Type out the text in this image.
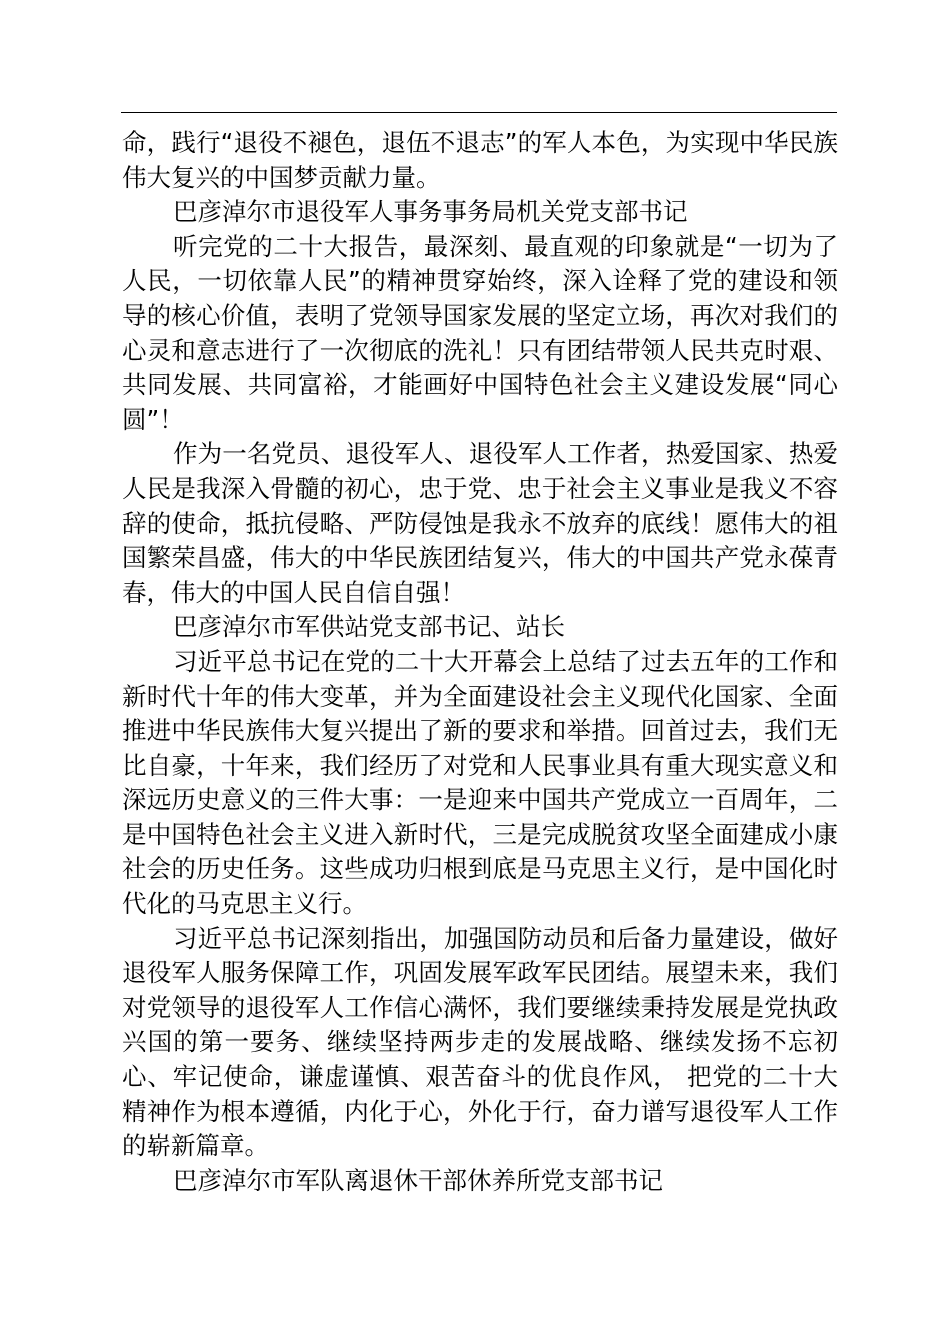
命，践行“退役不褪色，退伍不退志”的军人本色，为实现中华民族伟大复兴的中国梦贡献力量。

巴彦淖尔市退役军人事务事务局机关党支部书记

听完党的二十大报告，最深刻、最直观的印象就是“一切为了人民，一切依靠人民”的精神贯穿始终，深入诠释了党的建设和领导的核心价值，表明了党领导国家发展的坚定立场，再次对我们的心灵和意志进行了一次彻底的洗礼！只有团结带领人民共克时艰、共同发展、共同富裕，才能画好中国特色社会主义建设发展“同心圆”！

作为一名党员、退役军人、退役军人工作者，热爱国家、热爱人民是我深入骨髓的初心，忠于党、忠于社会主义事业是我义不容辞的使命，抵抗侵略、严防侵蚀是我永不放弃的底线！愿伟大的祖国繁荣昌盛，伟大的中华民族团结复兴，伟大的中国共产党永葆青春，伟大的中国人民自信自强！

巴彦淖尔市军供站党支部书记、站长

习近平总书记在党的二十大开幕会上总结了过去五年的工作和新时代十年的伟大变革，并为全面建设社会主义现代化国家、全面推进中华民族伟大复兴提出了新的要求和举措。回首过去，我们无比自豪，十年来，我们经历了对党和人民事业具有重大现实意义和深远历史意义的三件大事：一是迎来中国共产党成立一百周年，二是中国特色社会主义进入新时代，三是完成脱贫攻坚全面建成小康社会的历史任务。这些成功归根到底是马克思主义行，是中国化时代化的马克思主义行。

习近平总书记深刻指出，加强国防动员和后备力量建设，做好退役军人服务保障工作，巩固发展军政军民团结。展望未来，我们对党领导的退役军人工作信心满怀，我们要继续秉持发展是党执政兴国的第一要务、继续坚持两步走的发展战略、继续发扬不忘初心、牢记使命，谦虚谨慎、艰苦奋斗的优良作风， 把党的二十大精神作为根本遵循，内化于心，外化于行，奋力谱写退役军人工作的崭新篇章。

巴彦淖尔市军队离退休干部休养所党支部书记
